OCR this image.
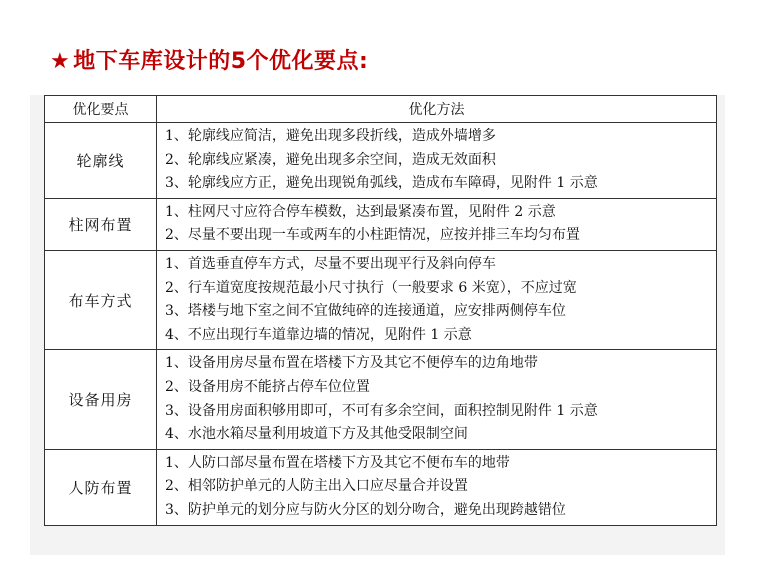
★ 地下车库设计的5个优化要点:
优化要点	优化方法
轮廓线	1、轮廓线应简洁，避免出现多段折线，造成外墙增多
2、轮廓线应紧凑，避免出现多余空间，造成无效面积
3、轮廓线应方正，避免出现锐角弧线，造成布车障碍，见附件 1 示意

柱网布置	1、柱网尺寸应符合停车模数，达到最紧凑布置，见附件 2 示意
2、尽量不要出现一车或两车的小柱距情况，应按并排三车均匀布置

布车方式	1、首选垂直停车方式，尽量不要出现平行及斜向停车
2、行车道宽度按规范最小尺寸执行（一般要求 6 米宽），不应过宽
3、塔楼与地下室之间不宜做纯碎的连接通道，应安排两侧停车位
4、不应出现行车道靠边墙的情况，见附件 1 示意

设备用房	1、设备用房尽量布置在塔楼下方及其它不便停车的边角地带
2、设备用房不能挤占停车位位置
3、设备用房面积够用即可，不可有多余空间，面积控制见附件 1 示意
4、水池水箱尽量利用坡道下方及其他受限制空间

人防布置	1、人防口部尽量布置在塔楼下方及其它不便布车的地带
2、相邻防护单元的人防主出入口应尽量合并设置
3、防护单元的划分应与防火分区的划分吻合，避免出现跨越错位
